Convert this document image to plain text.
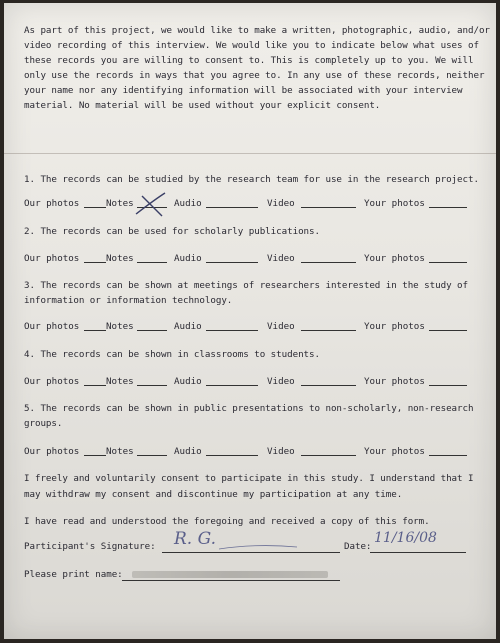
As part of this project, we would like to make a written, photographic, audio, and/or
video recording of this interview. We would like you to indicate below what uses of
these records you are willing to consent to. This is completely up to you. We will
only use the records in ways that you agree to. In any use of these records, neither
your name nor any identifying information will be associated with your interview
material. No material will be used without your explicit consent.
1. The records can be studied by the research team for use in the research project.
Our photos	Notes	Audio	Video	Your photos
2. The records can be used for scholarly publications.
Our photos	Notes	Audio	Video	Your photos
3. The records can be shown at meetings of researchers interested in the study of
information or information technology.
Our photos	Notes	Audio	Video	Your photos
4. The records can be shown in classrooms to students.
Our photos	Notes	Audio	Video	Your photos
5. The records can be shown in public presentations to non-scholarly, non-research
groups.
Our photos	Notes	Audio	Video	Your photos
I freely and voluntarily consent to participate in this study. I understand that I
may withdraw my consent and discontinue my participation at any time.
I have read and understood the foregoing and received a copy of this form.
Participant's Signature: R. G.	Date:
11/16/08
Please print name:
